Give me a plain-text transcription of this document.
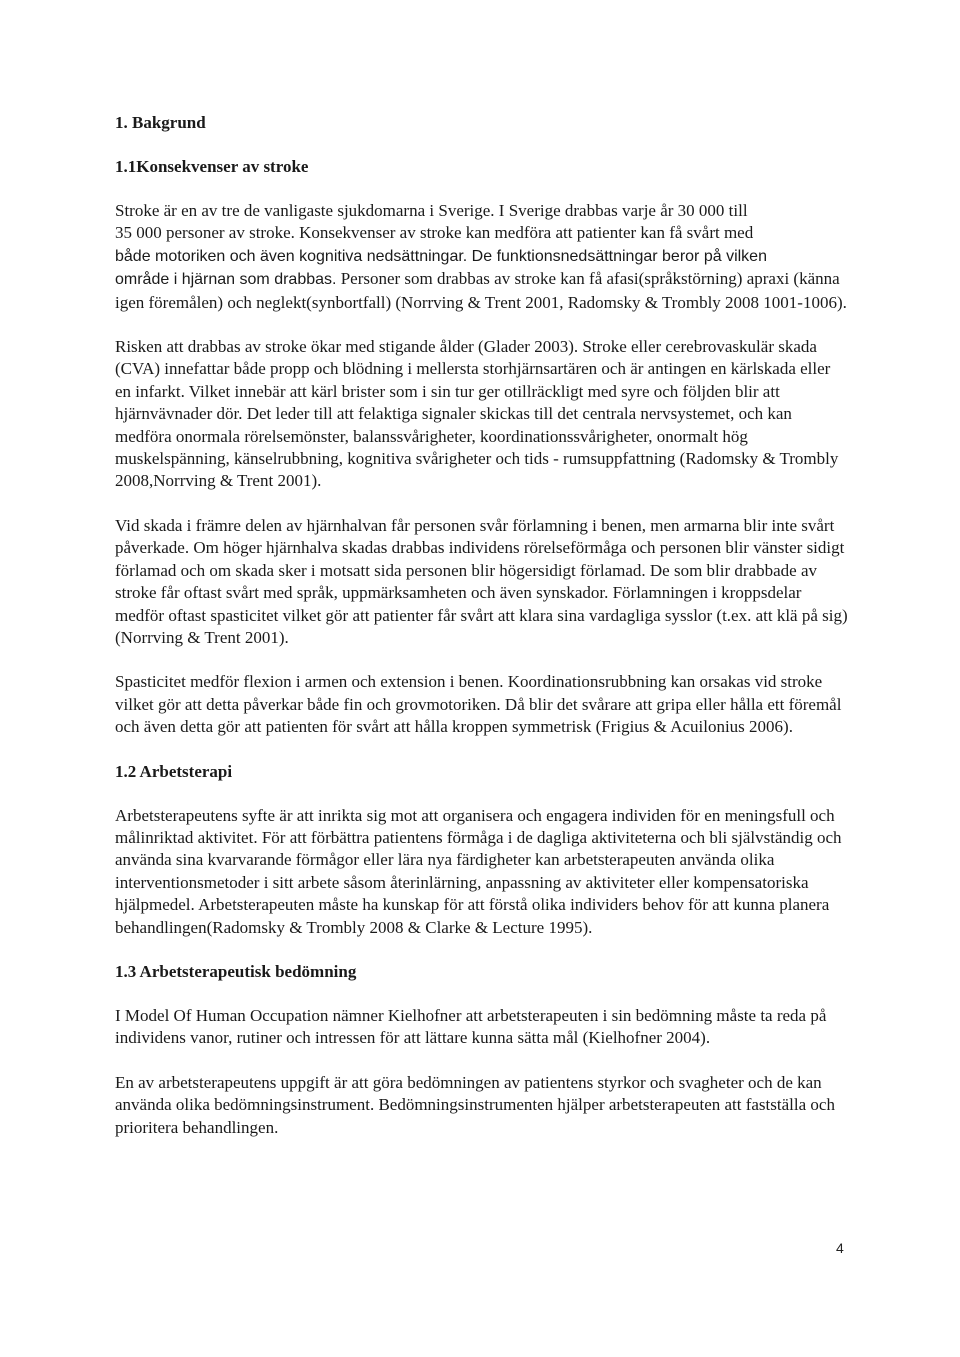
1. Bakgrund
1.1Konsekvenser av stroke

Stroke är en av tre de vanligaste sjukdomarna i Sverige. I Sverige drabbas varje år 30 000 till
35 000 personer av stroke. Konsekvenser av stroke kan medföra att patienter kan få svårt med
både motoriken och även kognitiva nedsättningar. De funktionsnedsättningar beror på vilken
område i hjärnan som drabbas. Personer som drabbas av stroke kan få afasi(språkstörning) apraxi (känna igen föremålen) och neglekt(synbortfall) (Norrving & Trent 2001, Radomsky & Trombly 2008 1001-1006).

Risken att drabbas av stroke ökar med stigande ålder (Glader 2003). Stroke eller cerebrovaskulär skada (CVA) innefattar både propp och blödning i mellersta storhjärnsartären och är antingen en kärlskada eller en infarkt. Vilket innebär att kärl brister som i sin tur ger otillräckligt med syre och följden blir att hjärnvävnader dör. Det leder till att felaktiga signaler skickas till det centrala nervsystemet, och kan medföra onormala rörelsemönster, balanssvårigheter, koordinationssvårigheter, onormalt hög muskelspänning, känselrubbning, kognitiva svårigheter och tids - rumsuppfattning (Radomsky & Trombly 2008,Norrving & Trent 2001).

Vid skada i främre delen av hjärnhalvan får personen svår förlamning i benen, men armarna blir inte svårt påverkade. Om höger hjärnhalva skadas drabbas individens rörelseförmåga och personen blir vänster sidigt förlamad och om skada sker i motsatt sida personen blir högersidigt förlamad. De som blir drabbade av stroke får oftast svårt med språk, uppmärksamheten och även synskador. Förlamningen i kroppsdelar medför oftast spasticitet vilket gör att patienter får svårt att klara sina vardagliga sysslor (t.ex. att klä på sig) (Norrving & Trent 2001).

Spasticitet medför flexion i armen och extension i benen. Koordinationsrubbning kan orsakas vid stroke vilket gör att detta påverkar både fin och grovmotoriken. Då blir det svårare att gripa eller hålla ett föremål och även detta gör att patienten för svårt att hålla kroppen symmetrisk (Frigius & Acuilonius 2006).

1.2 Arbetsterapi

Arbetsterapeutens syfte är att inrikta sig mot att organisera och engagera individen för en meningsfull och målinriktad aktivitet. För att förbättra patientens förmåga i de dagliga aktiviteterna och bli självständig och använda sina kvarvarande förmågor eller lära nya färdigheter kan arbetsterapeuten använda olika interventionsmetoder i sitt arbete såsom återinlärning, anpassning av aktiviteter eller kompensatoriska hjälpmedel. Arbetsterapeuten måste ha kunskap för att förstå olika individers behov för att kunna planera behandlingen(Radomsky & Trombly 2008 & Clarke & Lecture 1995).

1.3 Arbetsterapeutisk bedömning

I Model Of Human Occupation nämner Kielhofner att arbetsterapeuten i sin bedömning måste ta reda på individens vanor, rutiner och intressen för att lättare kunna sätta mål (Kielhofner 2004).

En av arbetsterapeutens uppgift är att göra bedömningen av patientens styrkor och svagheter och de kan använda olika bedömningsinstrument. Bedömningsinstrumenten hjälper arbetsterapeuten att fastställa och prioritera behandlingen.

4
